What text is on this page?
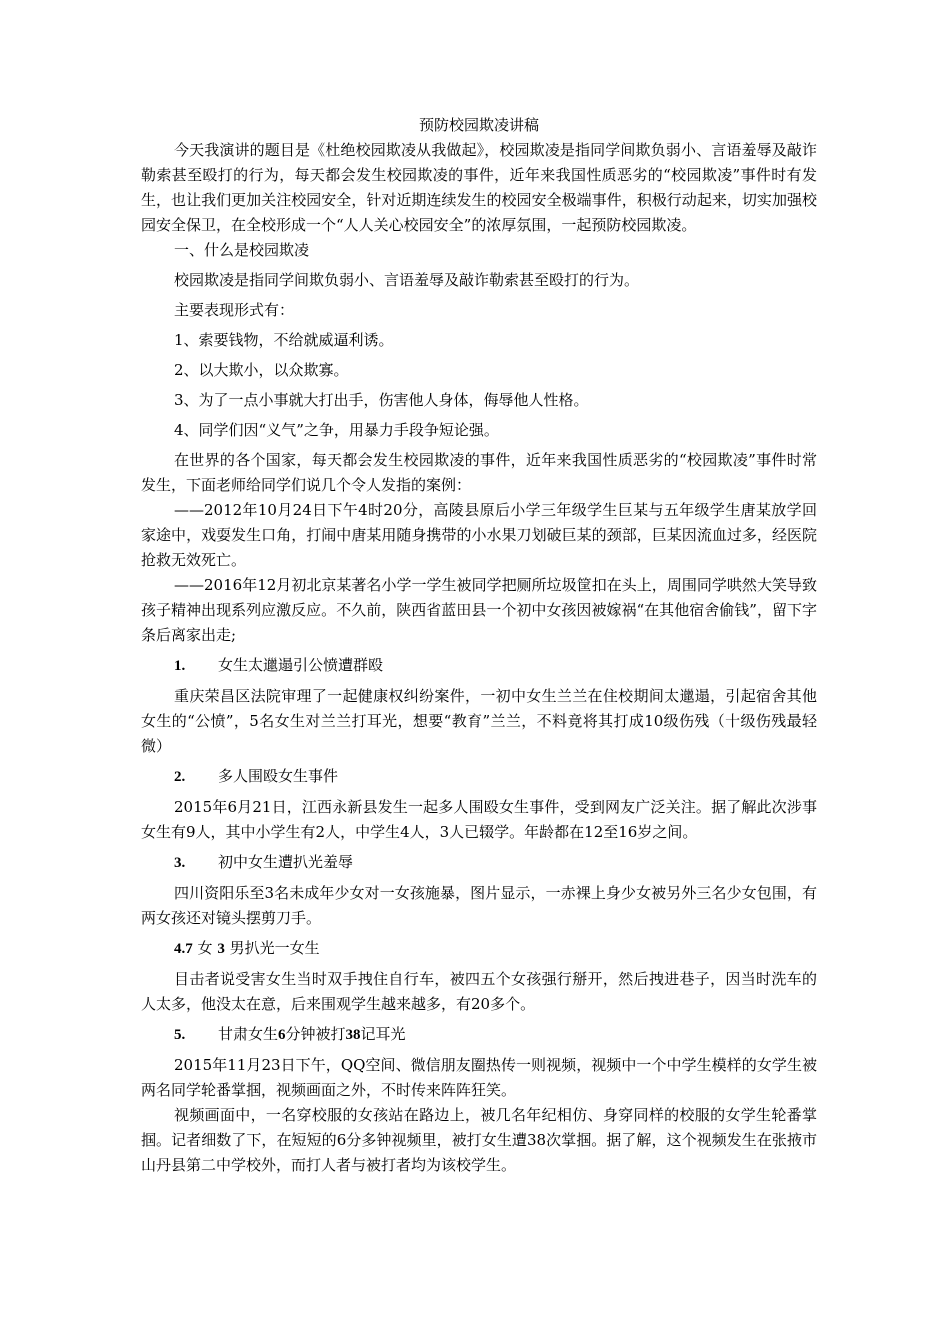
预防校园欺凌讲稿

今天我演讲的题目是《杜绝校园欺凌从我做起》，校园欺凌是指同学间欺负弱小、言语羞辱及敲诈勒索甚至殴打的行为，每天都会发生校园欺凌的事件，近年来我国性质恶劣的“校园欺凌”事件时有发生，也让我们更加关注校园安全，针对近期连续发生的校园安全极端事件，积极行动起来，切实加强校园安全保卫，在全校形成一个“人人关心校园安全”的浓厚氛围，一起预防校园欺凌。

一、什么是校园欺凌

校园欺凌是指同学间欺负弱小、言语羞辱及敲诈勒索甚至殴打的行为。

主要表现形式有：

1、索要钱物，不给就威逼利诱。

2、以大欺小，以众欺寡。

3、为了一点小事就大打出手，伤害他人身体，侮辱他人性格。

4、同学们因“义气”之争，用暴力手段争短论强。

在世界的各个国家，每天都会发生校园欺凌的事件，近年来我国性质恶劣的“校园欺凌”事件时常发生，下面老师给同学们说几个令人发指的案例：

——2012年10月24日下午4时20分，高陵县原后小学三年级学生巨某与五年级学生唐某放学回家途中，戏耍发生口角，打闹中唐某用随身携带的小水果刀划破巨某的颈部，巨某因流血过多，经医院抢救无效死亡。

——2016年12月初北京某著名小学一学生被同学把厕所垃圾筐扣在头上，周围同学哄然大笑导致孩子精神出现系列应激反应。不久前，陕西省蓝田县一个初中女孩因被嫁祸“在其他宿舍偷钱”，留下字条后离家出走;

1. 女生太邋遢引公愤遭群殴

重庆荣昌区法院审理了一起健康权纠纷案件，一初中女生兰兰在住校期间太邋遢，引起宿舍其他女生的“公愤”，5名女生对兰兰打耳光，想要“教育”兰兰，不料竟将其打成10级伤残（十级伤残最轻微）

2. 多人围殴女生事件

2015年6月21日，江西永新县发生一起多人围殴女生事件，受到网友广泛关注。据了解此次涉事女生有9人，其中小学生有2人，中学生4人，3人已辍学。年龄都在12至16岁之间。

3. 初中女生遭扒光羞辱

四川资阳乐至3名未成年少女对一女孩施暴，图片显示，一赤裸上身少女被另外三名少女包围，有两女孩还对镜头摆剪刀手。

4.7 女 3 男扒光一女生

目击者说受害女生当时双手拽住自行车，被四五个女孩强行掰开，然后拽进巷子，因当时洗车的人太多，他没太在意，后来围观学生越来越多，有20多个。

5. 甘肃女生6分钟被打38记耳光

2015年11月23日下午，QQ空间、微信朋友圈热传一则视频，视频中一个中学生模样的女学生被两名同学轮番掌掴，视频画面之外，不时传来阵阵狂笑。

视频画面中，一名穿校服的女孩站在路边上，被几名年纪相仿、身穿同样的校服的女学生轮番掌掴。记者细数了下，在短短的6分多钟视频里，被打女生遭38次掌掴。据了解，这个视频发生在张掖市山丹县第二中学校外，而打人者与被打者均为该校学生。
